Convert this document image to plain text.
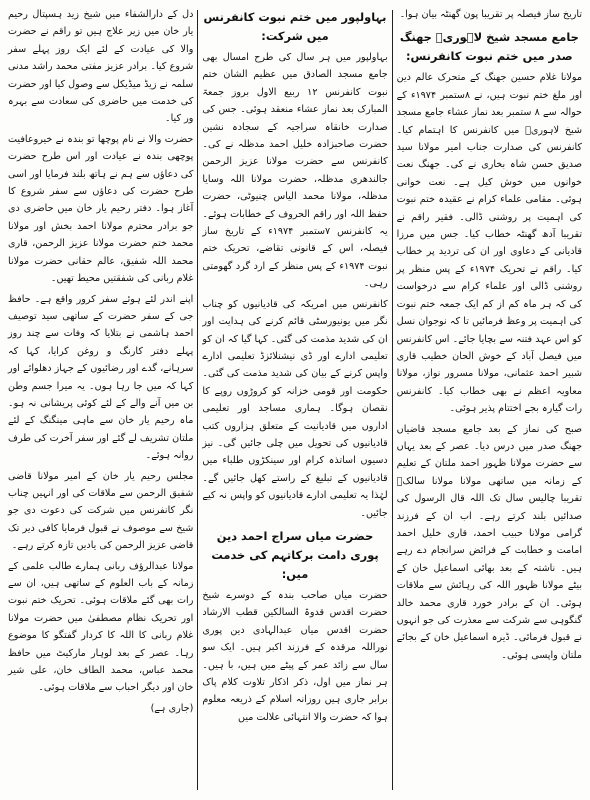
تاریخ ساز فیصلہ پر تقریبا پون گھنٹہ بیان ہوا۔

جامع مسجد شیخ لاہوریؒ جھنگ صدر میں ختم نبوت کانفرنس:

مولانا غلام حسین جھنگ کے متحرک عالم دین اور ملغ ختم نبوت ہیں، نے ۸ستمبر ۱۹۷۴ء کے حوالہ سے ۸ ستمبر بعد نماز عشاء جامع مسجد شیخ لاہوریؒ میں کانفرنس کا اہتمام کیا۔ کانفرنس کی صدارت جناب امیر مولانا سید صدیق حسن شاہ بخاری نے کی۔ جھنگ نعت خوانوں میں خوش کیل ہے۔ نعت خوانی ہوئی۔ مقامی علماء کرام نے عقیدہ ختم نبوت کی اہمیت پر روشنی ڈالی۔ فقیر راقم نے تقریبا آدھ گھنٹہ خطاب کیا۔ جس میں مرزا قادیانی کے دعاوی اور ان کی تردید پر خطاب کیا۔ راقم نے تحریک ۱۹۷۴ء کے پس منظر پر روشنی ڈالی اور علماء کرام سے درخواست کی کہ ہر ماہ کم از کم ایک جمعہ ختم نبوت کی اہمیت پر وعظ فرمائیں تا کہ نوجوان نسل کو اس عہد فتنہ سے بچایا جائے۔ اس کانفرنس میں فیصل آباد کے خوش الحان خطیب قاری شبیر احمد عثمانی، مولانا مسرور نواز، مولانا معاویہ اعظم نے بھی خطاب کیا۔ کانفرنس رات گیارہ بجے اختتام پذیر ہوئی۔

صبح کی نماز کے بعد جامع مسجد قاضیاں جھنگ صدر میں درس دیا۔ عصر کے بعد یہاں سے حضرت مولانا ظہور احمد ملتان کے تعلیم کے زمانہ میں ساتھی مولانا مولانا سالکؒ تقریبا چالیس سال تک اللہ قال الرسول کی صدائیں بلند کرتے رہے۔ اب ان کے فرزند گرامی مولانا حبیب احمد، قاری خلیل احمد امامت و خطابت کے فرائض سرانجام دے رہے ہیں۔ ناشتہ کے بعد بھائی اسماعیل خان کے بیٹے مولانا ظہور اللہ کی رہائش سے ملاقات ہوئی۔ ان کے برادر خورد قاری محمد خالد گنگوہی سے شرکت سے معذرت کی جو انہوں نے قبول فرمائی۔ ڈیرہ اسماعیل خان کے بجائے ملتان واپسی ہوئی۔

بہاولپور میں ختم نبوت کانفرنس میں شرکت:

بہاولپور میں ہر سال کی طرح امسال بھی جامع مسجد الصادق میں عظیم الشان ختم نبوت کانفرنس ۱۲ ربیع الاول بروز جمعۃ المبارک بعد نماز عشاء منعقد ہوئی۔ جس کی صدارت خانقاہ سراجیہ کے سجادہ نشین حضرت صاحبزادہ خلیل احمد مدظلہ نے کی۔ کانفرنس سے حضرت مولانا عزیز الرحمن جالندھری مدظلہ، حضرت مولانا اللہ وسایا مدظلہ، مولانا محمد الیاس چنیوٹی، حضرت حفظ اللہ اور راقم الحروف کے خطابات ہوئے۔ یہ کانفرنس ۷ستمبر ۱۹۷۴ء کے تاریخ ساز فیصلہ، اس کے قانونی تقاضے، تحریک ختم نبوت ۱۹۷۴ء کے پس منظر کے ارد گرد گھومتی رہی۔

کانفرنس میں امریکہ کی قادیانیوں کو چناب نگر میں یونیورسٹی قائم کرنے کی ہدایت اور ان کی شدید مذمت کی گئی۔ کہا گیا کہ ان کو تعلیمی ادارے اور ڈی نیشنلائزڈ تعلیمی ادارے واپس کرنے کے بیان کی شدید مذمت کی گئی۔ حکومت اور قومی خزانہ کو کروڑوں روپے کا نقصان ہوگا۔ ہماری مساجد اور تعلیمی اداروں میں قادیانیت کے متعلق ہزاروں کتب قادیانیوں کی تحویل میں چلی جائیں گی۔ نیز دسیوں اساتذہ کرام اور سینکڑوں طلباء میں قادیانیوں کے تبلیغ کے راستے کھل جائیں گے۔ لہٰذا یہ تعلیمی ادارے قادیانیوں کو واپس نہ کیے جائیں۔

حضرت میاں سراج احمد دین پوری دامت برکاتہم کی خدمت میں:

حضرت میاں صاحب بندہ کے دوسرے شیخ حضرت اقدس قدوۃ السالکین قطب الارشاد حضرت اقدس میاں عبدالہادی دین پوری نوراللہ مرقدہ کے فرزند اکبر ہیں۔ ایک سو سال سے زائد عمر کے پیٹے میں ہیں، با ہیں۔ ہر نماز میں اول، ذکر اذکار تلاوت کلام پاک برابر جاری ہیں روزانہ اسلام کے ذریعہ معلوم ہوا کہ حضرت والا انتہائی علالت میں

دل کے دارالشفاء میں شیخ زید ہسپتال رحیم یار خان میں زیر علاج ہیں تو راقم نے حضرت والا کی عیادت کے لئے ایک روز پہلے سفر شروع کیا۔ برادر عزیز مفتی محمد راشد مدنی سلمہ نے زیڈ میڈیکل سے وصول کیا اور حضرت کی خدمت میں حاضری کی سعادت سے بہرہ ور کیا۔

حضرت والا نے نام پوچھا تو بندہ نے خیروعافیت پوچھی بندہ نے عیادت اور اس طرح حضرت کی دعاؤں سے ہم نے ہاتھ بلند فرمایا اور اسی طرح حضرت کی دعاؤں سے سفر شروع کا آغاز ہوا۔ دفتر رحیم یار خان میں حاضری دی جو برادر محترم مولانا احمد بخش اور مولانا محمد ختم حضرت مولانا عزیز الرحمن، قاری محمد اللہ شفیق، عالم حقانی حضرت مولانا غلام ربانی کی شفقتیں محیط تھیں۔

اپنے اندر لئے ہوئے سفر کرور واقع ہے۔ حافظ جی کے سفر حضرت کے ساتھی سید توصیف احمد ہاشمی نے بتلایا کہ وفات سے چند روز پہلے دفتر کارنگ و روغن کرایا، کہا کہ سرہانے، گدے اور رضائیوں کے جہاز دھلوائے اور کہا کہ میں جا رہا ہوں۔ یہ میرا جسم وطن بن میں آنے والے کے لئے کوئی پریشانی نہ ہو۔ ماہ رحیم یار خان سے ماہی مینگنگ کے لئے ملتان تشریف لے گئے اور سفر آخرت کی طرف روانہ ہوئے۔

مجلس رحیم یار خان کے امیر مولانا قاضی شفیق الرحمن سے ملاقات کی اور انہیں چناب نگر کانفرنس میں شرکت کی دعوت دی جو شیخ سے موصوف نے قبول فرمایا کافی دیر تک قاضی عزیز الرحمن کی یادیں تازہ کرتے رہے۔

مولانا عبدالرؤف ربانی ہمارے طالب علمی کے زمانہ کے باب العلوم کے ساتھی ہیں، ان سے رات بھی گئے ملاقات ہوئی۔ تحریک ختم نبوت اور تحریک نظام مصطفیٰ میں حضرت مولانا غلام ربانی کا اللہ کا کردار گفتگو کا موضوع رہا۔ عصر کے بعد لوہار مارکیٹ میں حافظ محمد عباس، محمد الطاف خان، علی شیر خان اور دیگر احباب سے ملاقات ہوئی۔

(جاری ہے)
